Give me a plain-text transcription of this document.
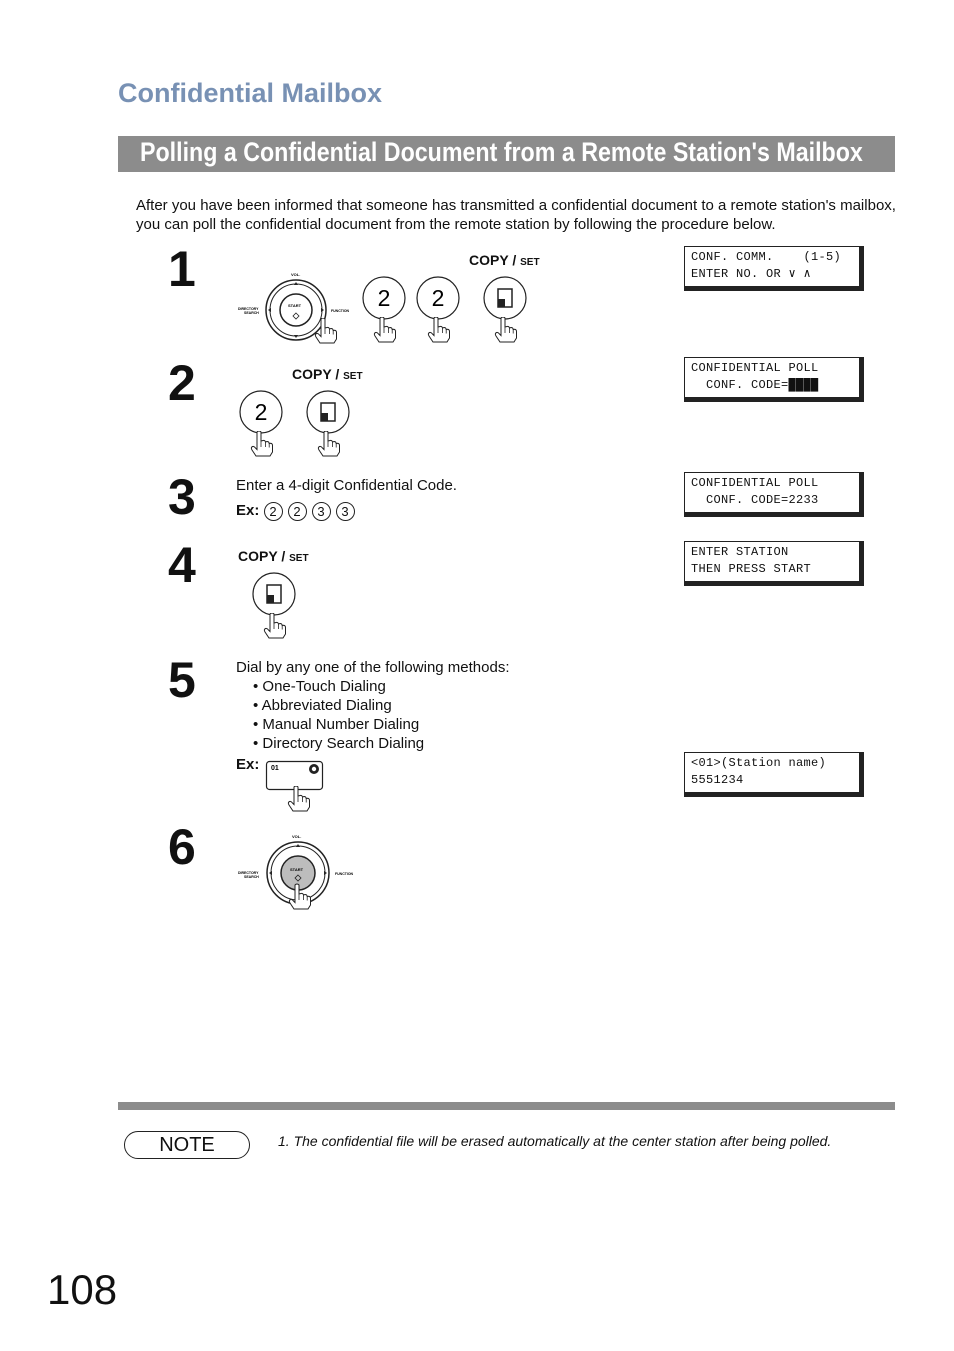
Confidential Mailbox
Polling a Confidential Document from a Remote Station's Mailbox
After you have been informed that someone has transmitted a confidential document to a remote station's mailbox, you can poll the confidential document from the remote station by following the procedure below.
1	VOL.
DIRECTORY
SEARCH	FUNCTION
START	2 2
COPY / SET	CONF. COMM.    (1-5)
ENTER NO. OR ∨ ∧
2
2
COPY / SET
CONFIDENTIAL POLL
CONF. CODE=████
3	Enter a 4-digit Confidential Code.
Ex: 2 2 3 3
CONFIDENTIAL POLL
CONF. CODE=2233
4	COPY / SET	ENTER STATION
THEN PRESS START
5	Dial by any one of the following methods:
• One-Touch Dialing
• Abbreviated Dialing
• Manual Number Dialing
• Directory Search Dialing
Ex: 01	<01>(Station name)
5551234
6	VOL.
DIRECTORY
SEARCH
FUNCTION
START
NOTE	1. The confidential file will be erased automatically at the center station after being polled.
108
